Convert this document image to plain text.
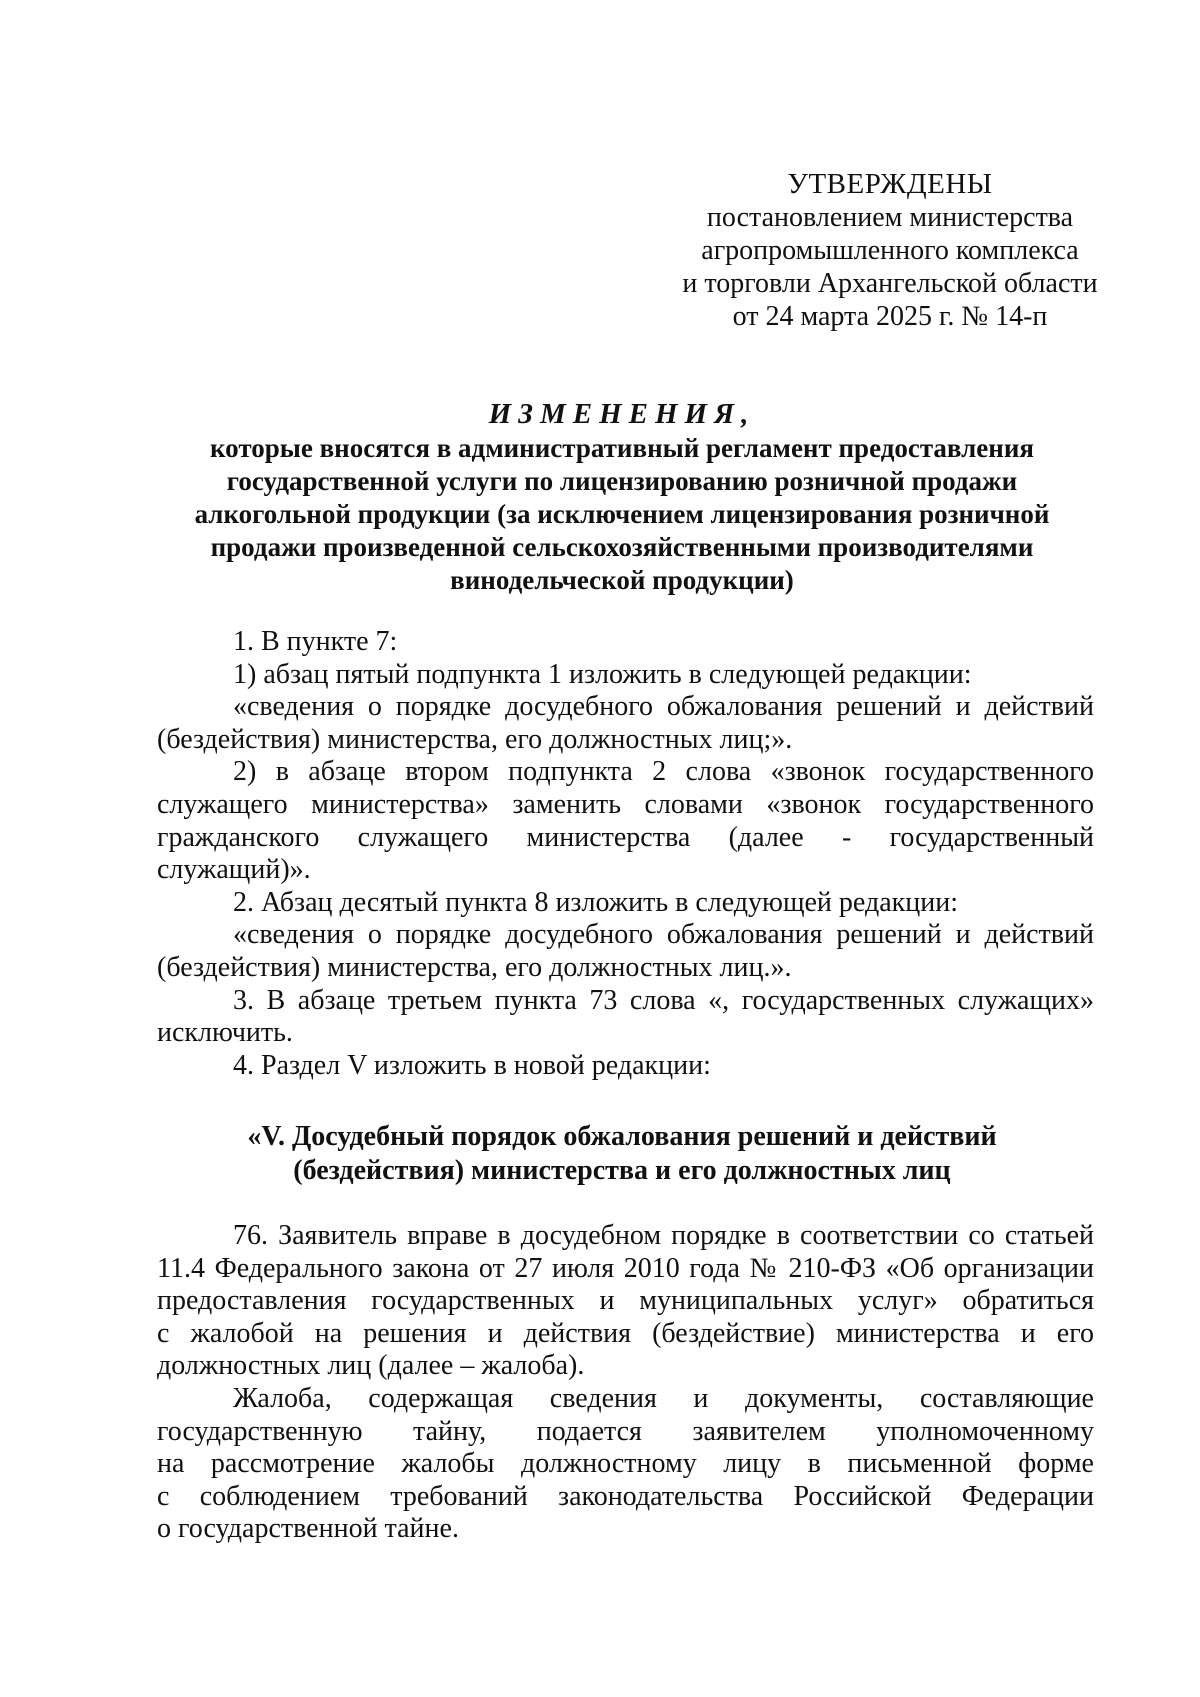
УТВЕРЖДЕНЫ
постановлением министерства
агропромышленного комплекса
и торговли Архангельской области
от 24 марта 2025 г. № 14-п
ИЗМЕНЕНИЯ,
которые вносятся в административный регламент предоставления
государственной услуги по лицензированию розничной продажи
алкогольной продукции (за исключением лицензирования розничной
продажи произведенной сельскохозяйственными производителями
винодельческой продукции)

1. В пункте 7:

1) абзац пятый подпункта 1 изложить в следующей редакции:

«сведения о порядке досудебного обжалования решений и действий
(бездействия) министерства, его должностных лиц;».

2) в абзаце втором подпункта 2 слова «звонок государственного
служащего министерства» заменить словами «звонок государственного
гражданского служащего министерства (далее - государственный
служащий)».

2. Абзац десятый пункта 8 изложить в следующей редакции:

«сведения о порядке досудебного обжалования решений и действий
(бездействия) министерства, его должностных лиц.».

3. В абзаце третьем пункта 73 слова «, государственных служащих»
исключить.

4. Раздел V изложить в новой редакции:

«V. Досудебный порядок обжалования решений и действий
(бездействия) министерства и его должностных лиц

76. Заявитель вправе в досудебном порядке в соответствии со статьей
11.4 Федерального закона от 27 июля 2010 года № 210-ФЗ «Об организации
предоставления государственных и муниципальных услуг» обратиться
с жалобой на решения и действия (бездействие) министерства и его
должностных лиц (далее – жалоба).

Жалоба, содержащая сведения и документы, составляющие
государственную тайну, подается заявителем уполномоченному
на рассмотрение жалобы должностному лицу в письменной форме
с соблюдением требований законодательства Российской Федерации
о государственной тайне.
